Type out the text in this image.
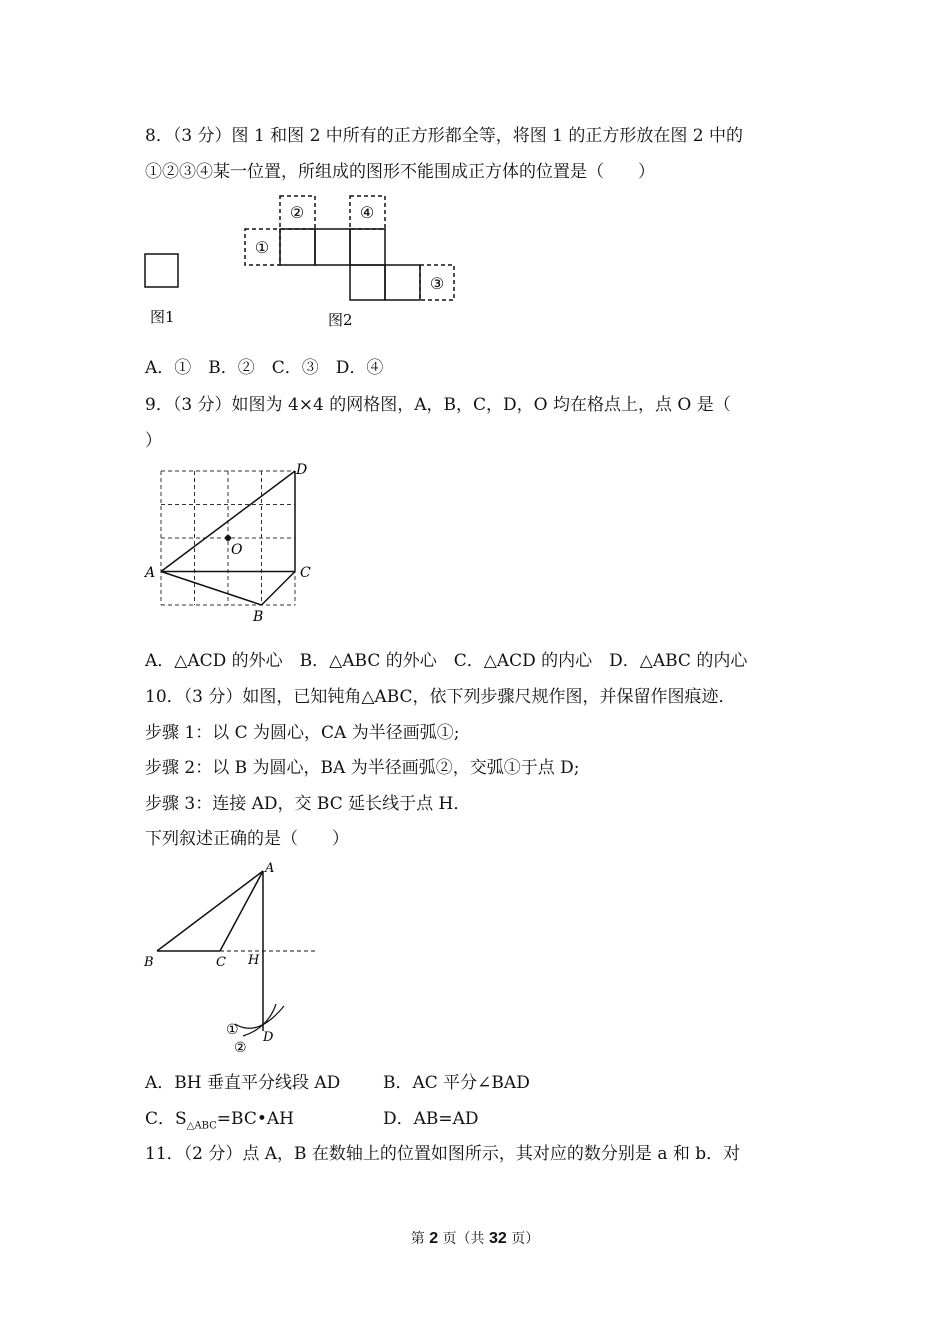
8．（3 分）图 1 和图 2 中所有的正方形都全等，将图 1 的正方形放在图 2 中的
①②③④某一位置，所组成的图形不能围成正方体的位置是（　　）
图1
①
②
③
④
图2
A．①　B．②　C．③　D．④
9．（3 分）如图为 4×4 的网格图，A，B，C，D，O 均在格点上，点 O 是（
）
A
B
C
D
O
A．△ACD 的外心　B．△ABC 的外心　C．△ACD 的内心　D．△ABC 的内心
10．（3 分）如图，已知钝角△ABC，依下列步骤尺规作图，并保留作图痕迹．
步骤 1：以 C 为圆心，CA 为半径画弧①;
步骤 2：以 B 为圆心，BA 为半径画弧②，交弧①于点 D;
步骤 3：连接 AD，交 BC 延长线于点 H．
下列叙述正确的是（　　）
A
B	C H
D
①
②
A．BH 垂直平分线段 AD	B．AC 平分∠BAD
C．$S_{\triangle ABC}=BC•AH$	D．AB=AD
11．（2 分）点 A，B 在数轴上的位置如图所示，其对应的数分别是 a 和 b．对
第 2 页（共 32 页）
